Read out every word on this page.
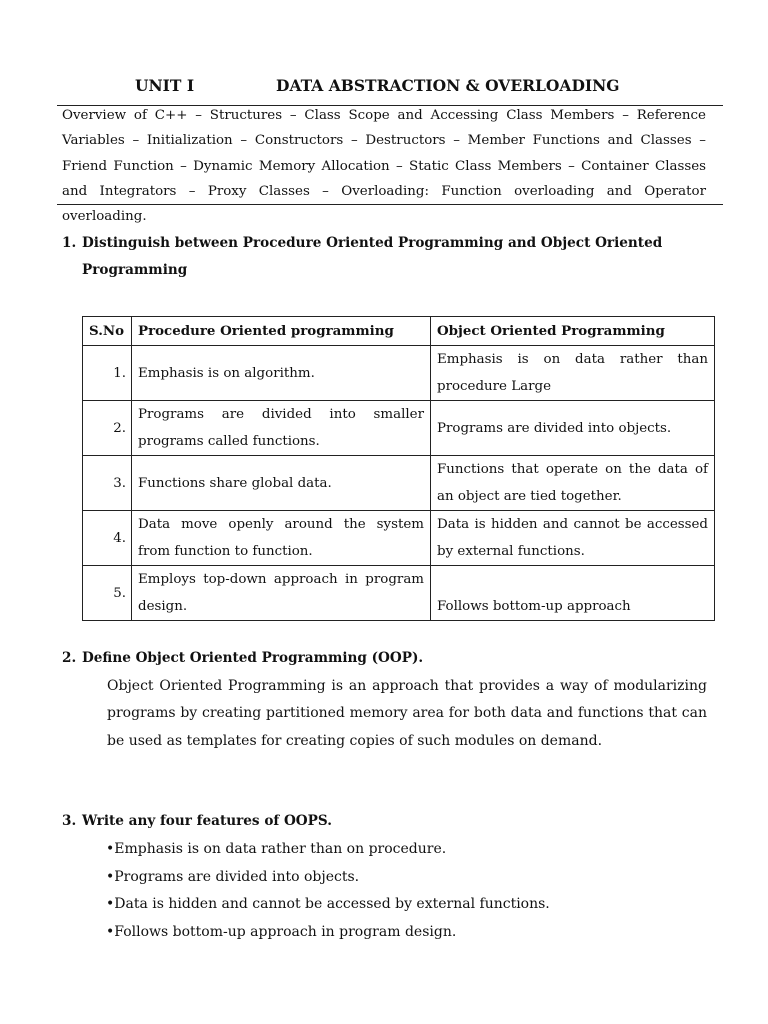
UNIT I	DATA ABSTRACTION & OVERLOADING
Overview of C++ – Structures – Class Scope and Accessing Class Members – Reference Variables – Initialization – Constructors – Destructors – Member Functions and Classes – Friend Function – Dynamic Memory Allocation – Static Class Members – Container Classes and Integrators – Proxy Classes – Overloading: Function overloading and Operator overloading.
1. Distinguish between Procedure Oriented Programming and Object Oriented Programming
S.No	Procedure Oriented programming	Object Oriented Programming
1.	Emphasis is on algorithm.	Emphasis is on data rather than procedure Large
2.	Programs are divided into smaller programs called functions.	Programs are divided into objects.
3.	Functions share global data.	Functions that operate on the data of an object are tied together.
4.	Data move openly around the system from function to function.	Data is hidden and cannot be accessed by external functions.
5.	Employs top-down approach in program design.	Follows bottom-up approach
2. Define Object Oriented Programming (OOP).
Object Oriented Programming is an approach that provides a way of modularizing programs by creating partitioned memory area for both data and functions that can be used as templates for creating copies of such modules on demand.
3. Write any four features of OOPS.
•Emphasis is on data rather than on procedure.
•Programs are divided into objects.
•Data is hidden and cannot be accessed by external functions.
•Follows bottom-up approach in program design.
